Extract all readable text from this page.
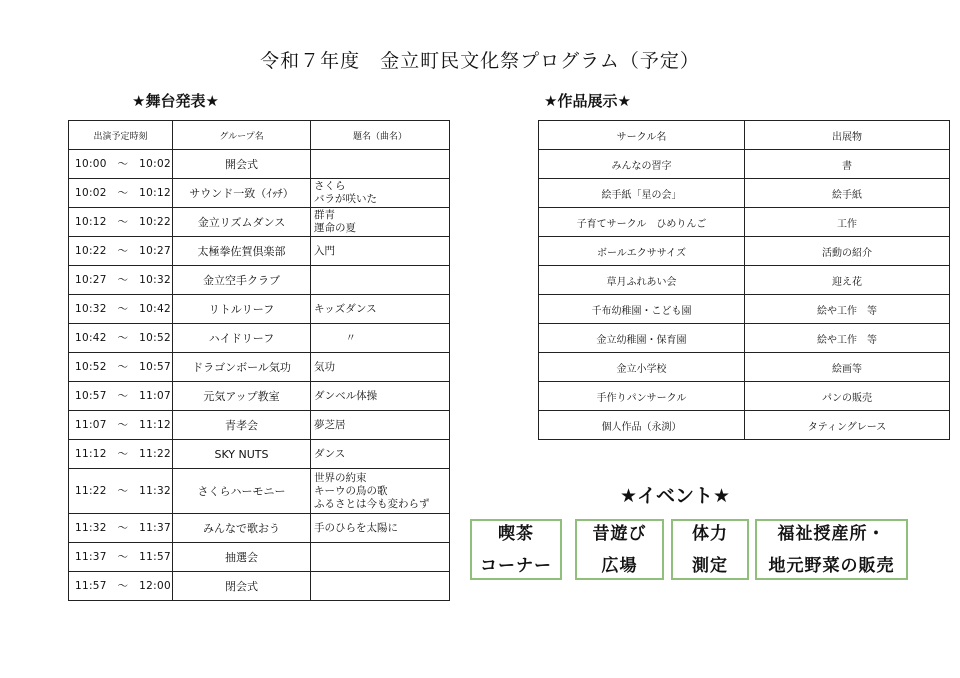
令和７年度　金立町民文化祭プログラム（予定）
★舞台発表★	★作品展示★
出演予定時刻	グループ名	題名（曲名）
10:00　～　10:02	開会式	
10:02　～　10:12	サウンド一致（ｲｯﾁ）	さくら
バラが咲いた
10:12　～　10:22	金立リズムダンス	群青
運命の夏
10:22　～　10:27	太極拳佐賀倶楽部	入門
10:27　～　10:32	金立空手クラブ	
10:32　～　10:42	リトルリーフ	キッズダンス
10:42　～　10:52	ハイドリーフ	　　　〃
10:52　～　10:57	ドラゴンボール気功	気功
10:57　～　11:07	元気アップ教室	ダンベル体操
11:07　～　11:12	青孝会	夢芝居
11:12　～　11:22	SKY NUTS	ダンス
11:22　～　11:32	さくらハーモニー	世界の約束
キーウの鳥の歌
ふるさとは今も変わらず
11:32　～　11:37	みんなで歌おう	手のひらを太陽に
11:37　～　11:57	抽選会	
11:57　～　12:00	閉会式	
サークル名	出展物
みんなの習字	書
絵手紙「星の会」	絵手紙
子育てサークル　ひめりんご	工作
ボールエクササイズ	活動の紹介
草月ふれあい会	迎え花
千布幼稚園・こども園	絵や工作　等
金立幼稚園・保育園	絵や工作　等
金立小学校	絵画等
手作りパンサークル	パンの販売
個人作品（永渕）	タティングレース
★イベント★
喫茶
コーナー
昔遊び
広場
体力
測定
福祉授産所・
地元野菜の販売
